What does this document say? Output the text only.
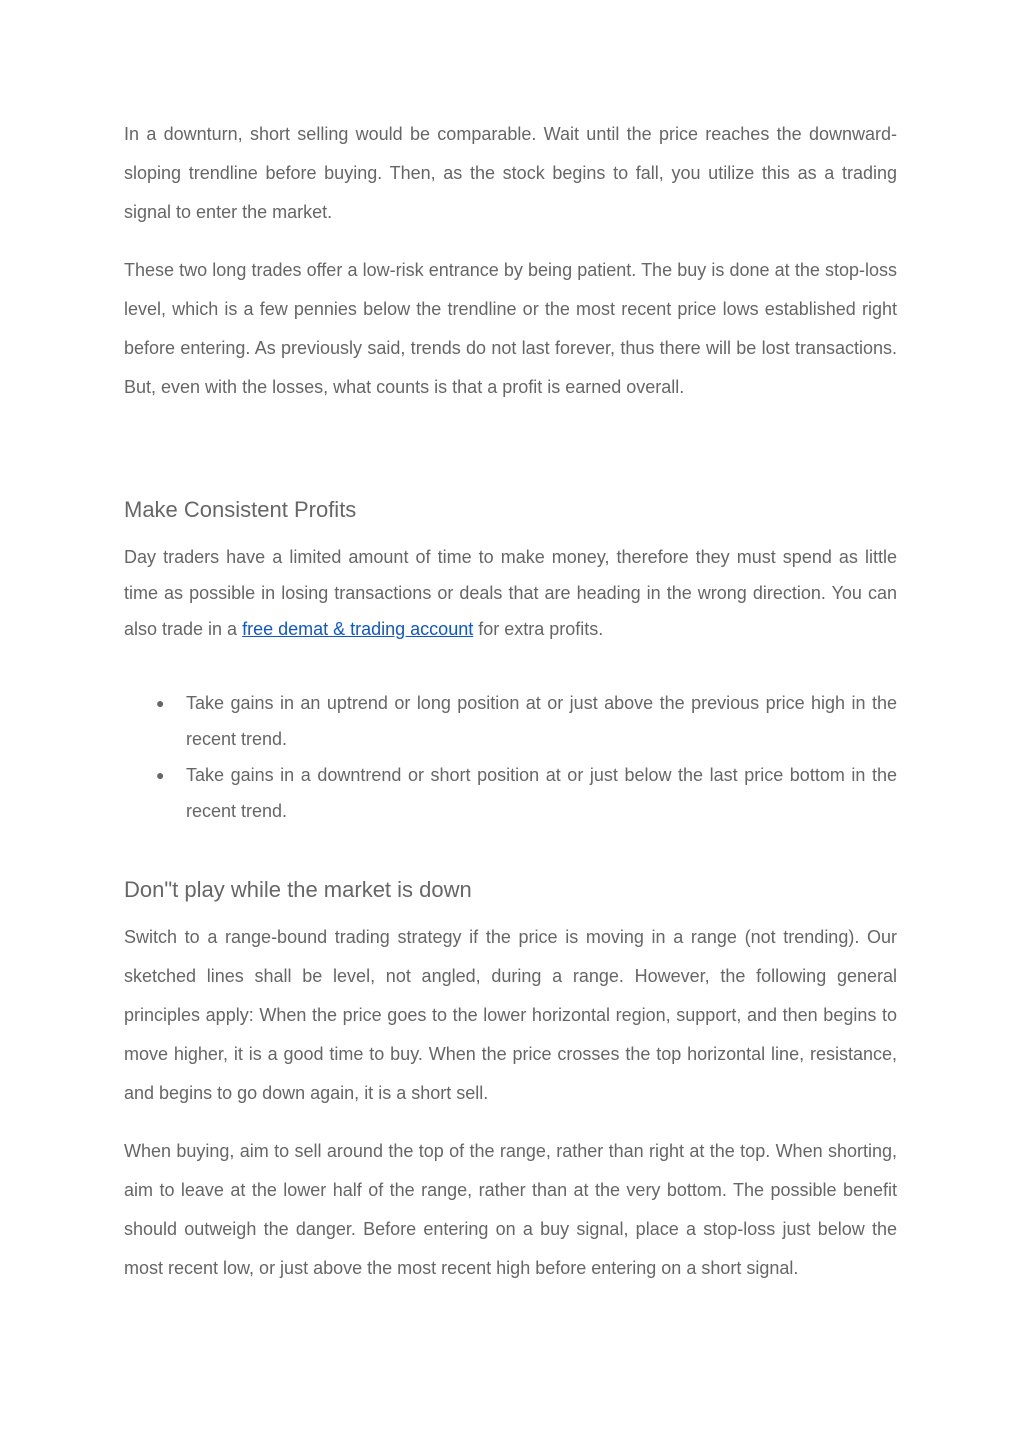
In a downturn, short selling would be comparable. Wait until the price reaches the downward-sloping trendline before buying. Then, as the stock begins to fall, you utilize this as a trading signal to enter the market.

These two long trades offer a low-risk entrance by being patient. The buy is done at the stop-loss level, which is a few pennies below the trendline or the most recent price lows established right before entering. As previously said, trends do not last forever, thus there will be lost transactions. But, even with the losses, what counts is that a profit is earned overall.

Make Consistent Profits

Day traders have a limited amount of time to make money, therefore they must spend as little time as possible in losing transactions or deals that are heading in the wrong direction. You can also trade in a free demat & trading account for extra profits.

● Take gains in an uptrend or long position at or just above the previous price high in the recent trend.
● Take gains in a downtrend or short position at or just below the last price bottom in the recent trend.
Don"t play while the market is down

Switch to a range-bound trading strategy if the price is moving in a range (not trending). Our sketched lines shall be level, not angled, during a range. However, the following general principles apply: When the price goes to the lower horizontal region, support, and then begins to move higher, it is a good time to buy. When the price crosses the top horizontal line, resistance, and begins to go down again, it is a short sell.

When buying, aim to sell around the top of the range, rather than right at the top. When shorting, aim to leave at the lower half of the range, rather than at the very bottom. The possible benefit should outweigh the danger. Before entering on a buy signal, place a stop-loss just below the most recent low, or just above the most recent high before entering on a short signal.
